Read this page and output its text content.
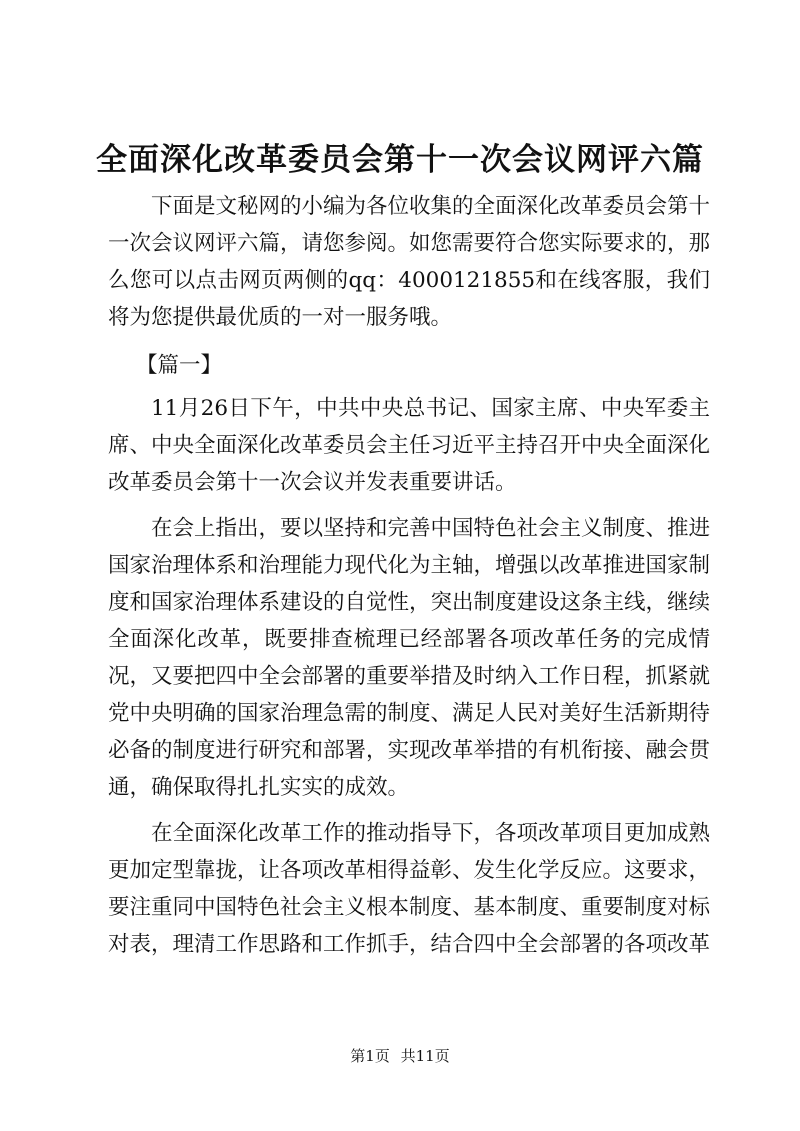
全面深化改革委员会第十一次会议网评六篇

下面是文秘网的小编为各位收集的全面深化改革委员会第十一次会议网评六篇，请您参阅。如您需要符合您实际要求的，那么您可以点击网页两侧的qq：4000121855和在线客服，我们将为您提供最优质的一对一服务哦。

【篇一】

11月26日下午，中共中央总书记、国家主席、中央军委主席、中央全面深化改革委员会主任习近平主持召开中央全面深化改革委员会第十一次会议并发表重要讲话。

在会上指出，要以坚持和完善中国特色社会主义制度、推进国家治理体系和治理能力现代化为主轴，增强以改革推进国家制度和国家治理体系建设的自觉性，突出制度建设这条主线，继续全面深化改革，既要排查梳理已经部署各项改革任务的完成情况，又要把四中全会部署的重要举措及时纳入工作日程，抓紧就党中央明确的国家治理急需的制度、满足人民对美好生活新期待必备的制度进行研究和部署，实现改革举措的有机衔接、融会贯通，确保取得扎扎实实的成效。

在全面深化改革工作的推动指导下，各项改革项目更加成熟更加定型靠拢，让各项改革相得益彰、发生化学反应。这要求，要注重同中国特色社会主义根本制度、基本制度、重要制度对标对表，理清工作思路和工作抓手，结合四中全会部署的各项改革

第1页 共11页
